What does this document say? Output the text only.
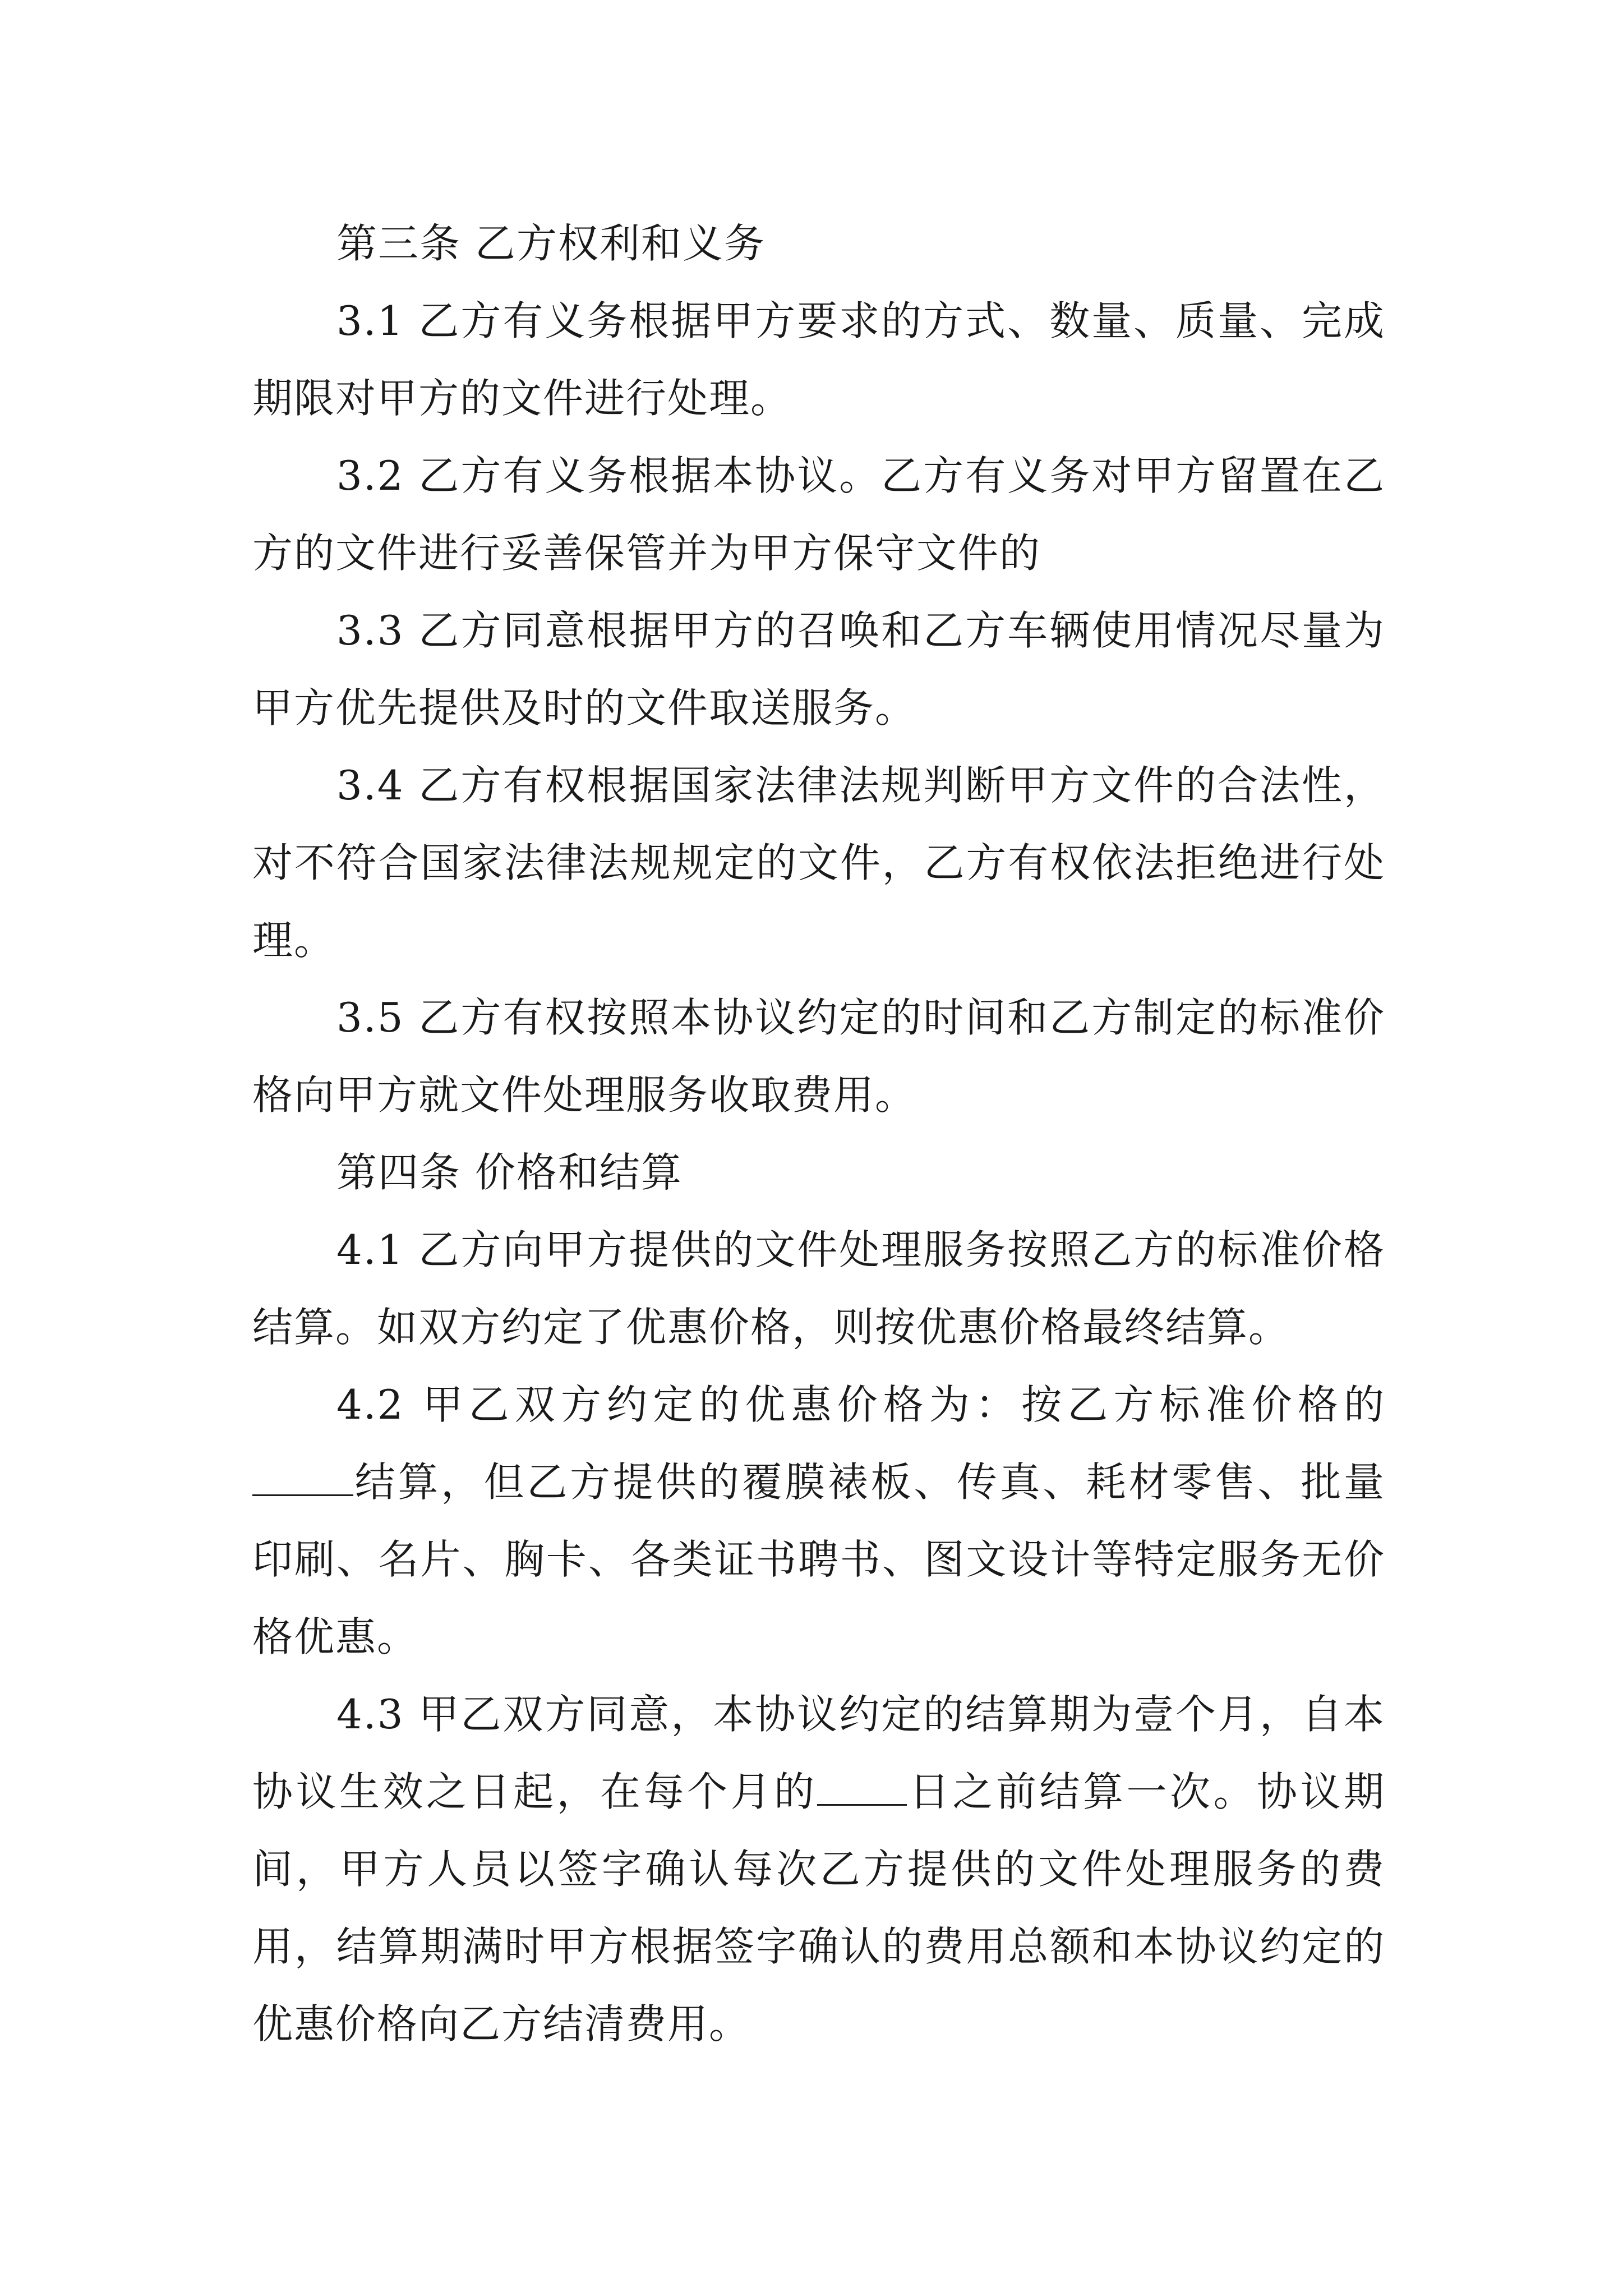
第三条 乙方权利和义务

3.1 乙方有义务根据甲方要求的方式、数量、质量、完成期限对甲方的文件进行处理。

3.2 乙方有义务根据本协议。乙方有义务对甲方留置在乙方的文件进行妥善保管并为甲方保守文件的

3.3 乙方同意根据甲方的召唤和乙方车辆使用情况尽量为甲方优先提供及时的文件取送服务。

3.4 乙方有权根据国家法律法规判断甲方文件的合法性，对不符合国家法律法规规定的文件，乙方有权依法拒绝进行处理。

3.5 乙方有权按照本协议约定的时间和乙方制定的标准价格向甲方就文件处理服务收取费用。

第四条 价格和结算

4.1 乙方向甲方提供的文件处理服务按照乙方的标准价格结算。如双方约定了优惠价格，则按优惠价格最终结算。

4.2 甲乙双方约定的优惠价格为：按乙方标准价格的结算，但乙方提供的覆膜裱板、传真、耗材零售、批量印刷、名片、胸卡、各类证书聘书、图文设计等特定服务无价格优惠。

4.3 甲乙双方同意，本协议约定的结算期为壹个月，自本协议生效之日起，在每个月的 日之前结算一次。协议期间，甲方人员以签字确认每次乙方提供的文件处理服务的费用，结算期满时甲方根据签字确认的费用总额和本协议约定的优惠价格向乙方结清费用。
